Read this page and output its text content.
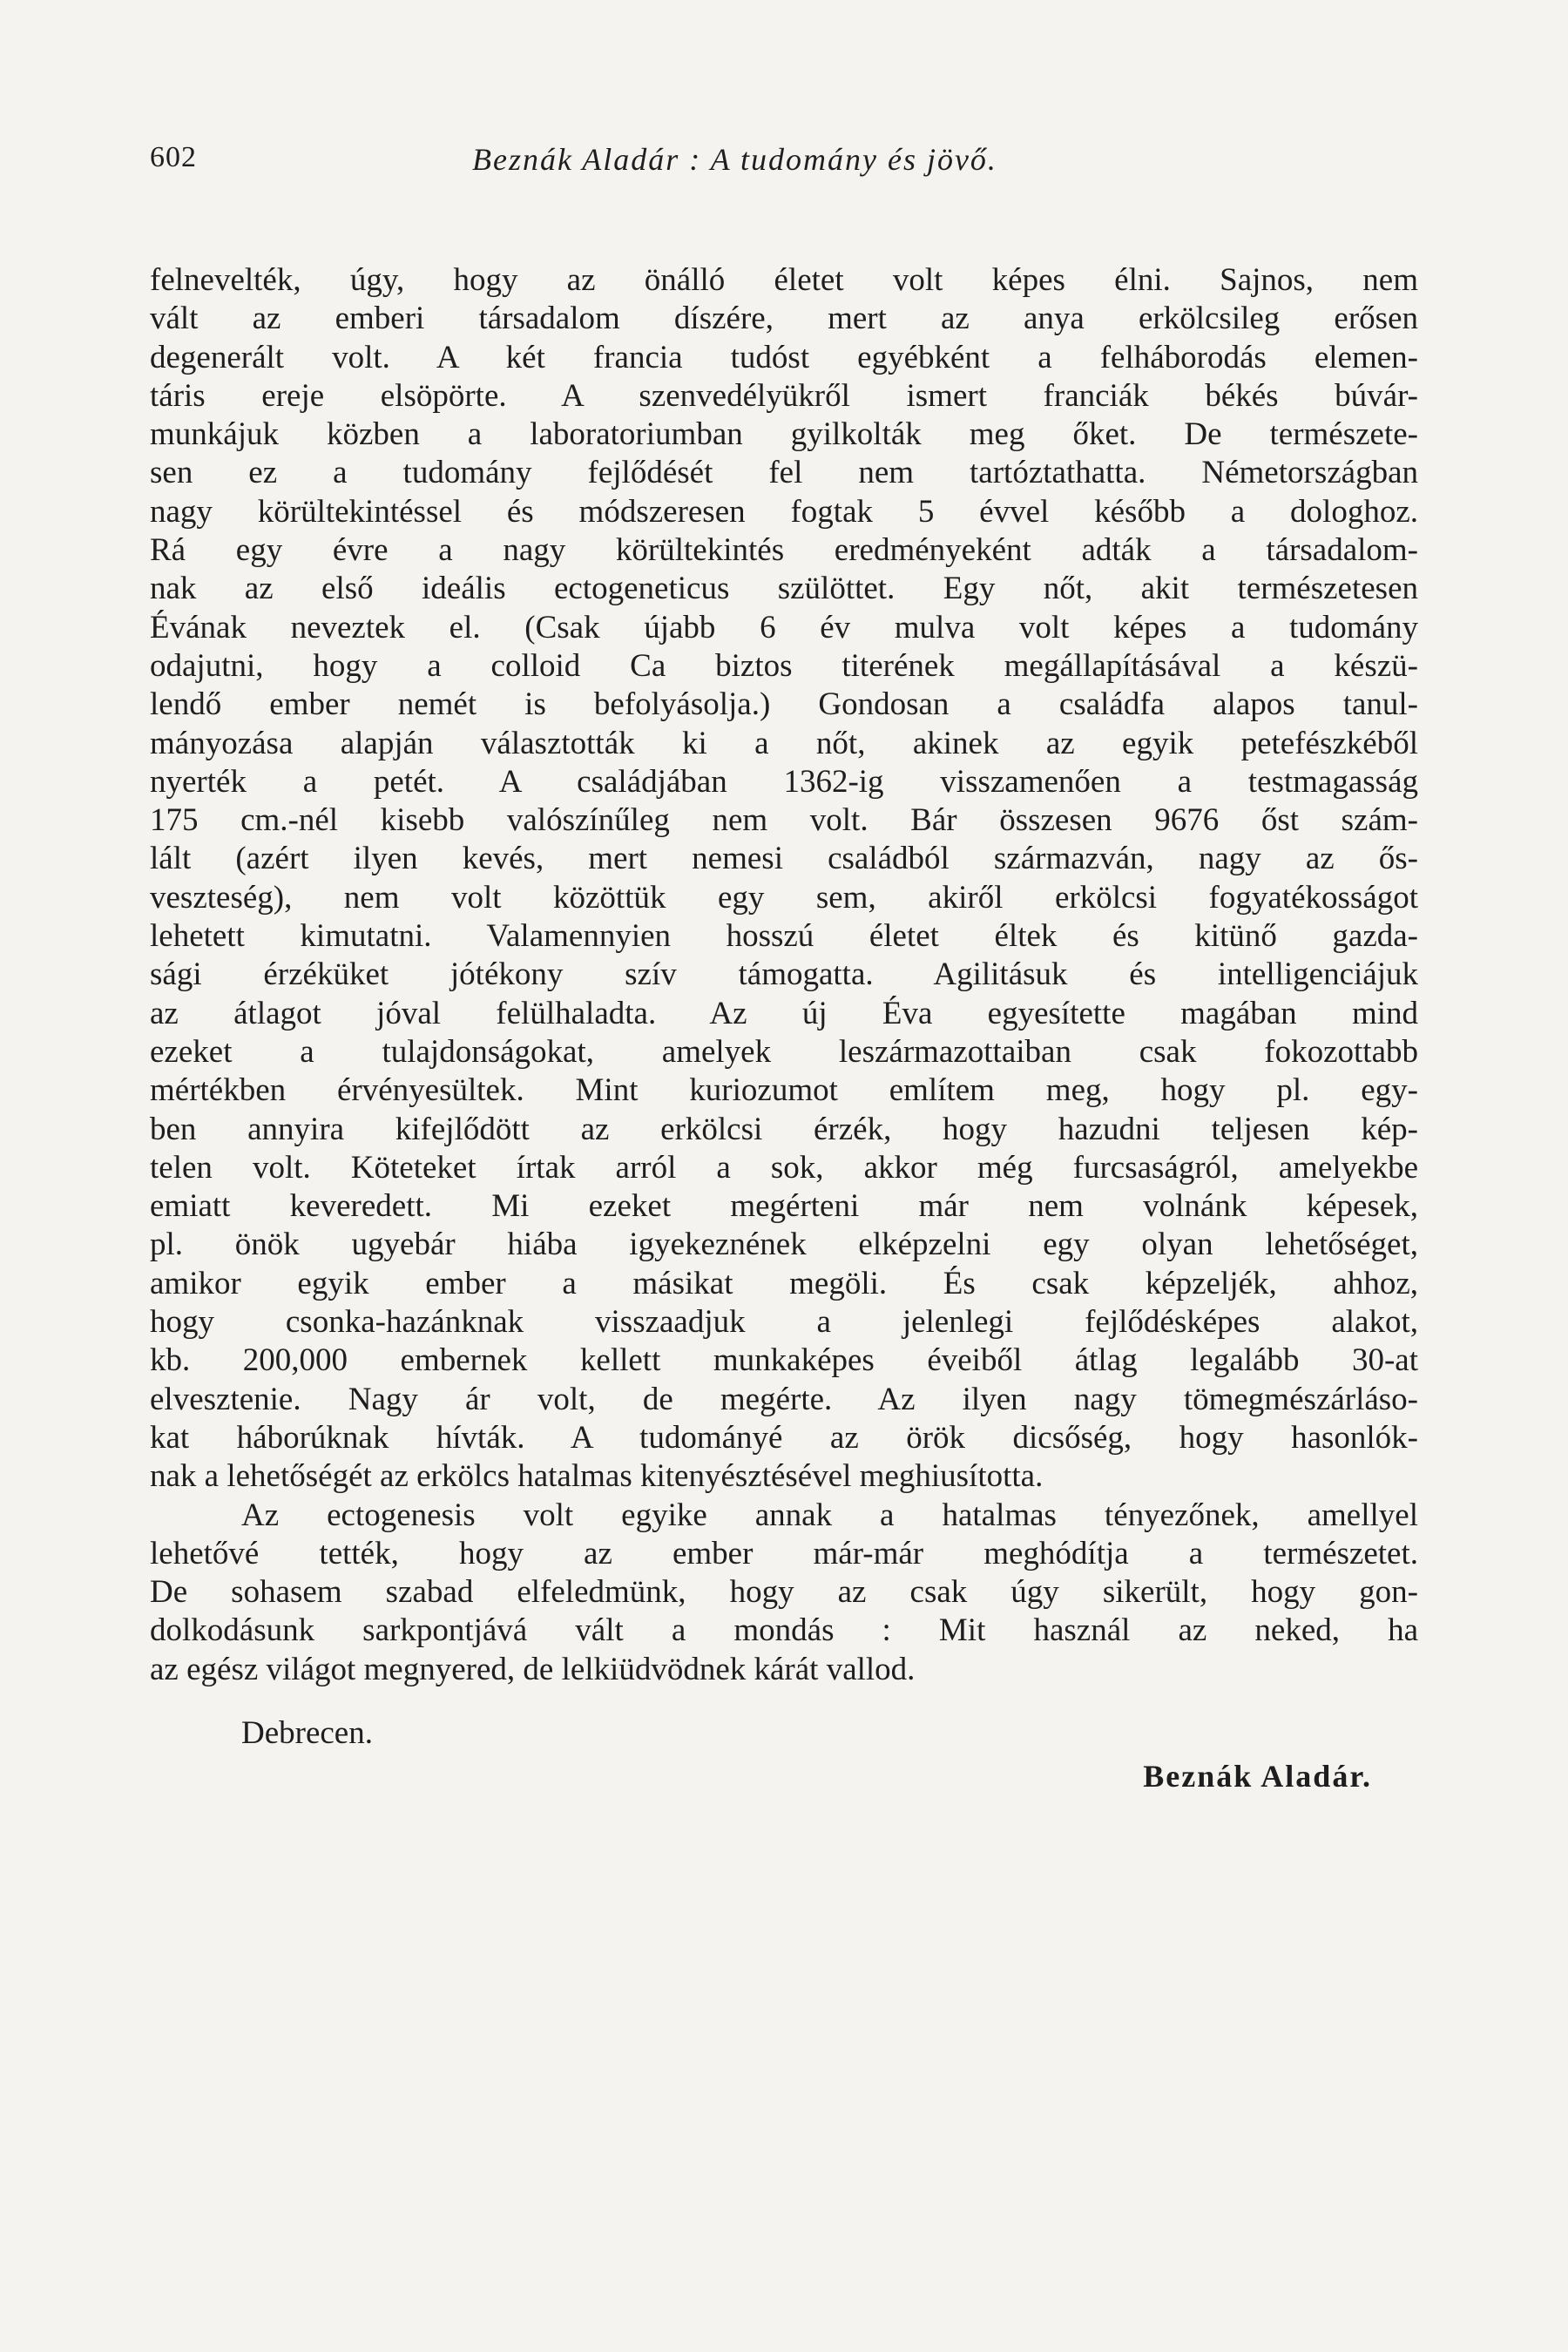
602	Beznák Aladár : A tudomány és jövő.
felnevelték, úgy, hogy az önálló életet volt képes élni. Sajnos, nem
vált az emberi társadalom díszére, mert az anya erkölcsileg erősen
degenerált volt. A két francia tudóst egyébként a felháborodás elemen-
táris ereje elsöpörte. A szenvedélyükről ismert franciák békés búvár-
munkájuk közben a laboratoriumban gyilkolták meg őket. De természete-
sen ez a tudomány fejlődését fel nem tartóztathatta. Németországban
nagy körültekintéssel és módszeresen fogtak 5 évvel később a dologhoz.
Rá egy évre a nagy körültekintés eredményeként adták a társadalom-
nak az első ideális ectogeneticus szülöttet. Egy nőt, akit természetesen
Évának neveztek el. (Csak újabb 6 év mulva volt képes a tudomány
odajutni, hogy a colloid Ca biztos titerének megállapításával a készü-
lendő ember nemét is befolyásolja.) Gondosan a családfa alapos tanul-
mányozása alapján választották ki a nőt, akinek az egyik petefészkéből
nyerték a petét. A családjában 1362-ig visszamenően a testmagasság
175 cm.-nél kisebb valószínűleg nem volt. Bár összesen 9676 őst szám-
lált (azért ilyen kevés, mert nemesi családból származván, nagy az ős-
veszteség), nem volt közöttük egy sem, akiről erkölcsi fogyatékosságot
lehetett kimutatni. Valamennyien hosszú életet éltek és kitünő gazda-
sági érzéküket jótékony szív támogatta. Agilitásuk és intelligenciájuk
az átlagot jóval felülhaladta. Az új Éva egyesítette magában mind
ezeket a tulajdonságokat, amelyek leszármazottaiban csak fokozottabb
mértékben érvényesültek. Mint kuriozumot említem meg, hogy pl. egy-
ben annyira kifejlődött az erkölcsi érzék, hogy hazudni teljesen kép-
telen volt. Köteteket írtak arról a sok, akkor még furcsaságról, amelyekbe
emiatt keveredett. Mi ezeket megérteni már nem volnánk képesek,
pl. önök ugyebár hiába igyekeznének elképzelni egy olyan lehetőséget,
amikor egyik ember a másikat megöli. És csak képzeljék, ahhoz,
hogy csonka-hazánknak visszaadjuk a jelenlegi fejlődésképes alakot,
kb. 200,000 embernek kellett munkaképes éveiből átlag legalább 30-at
elvesztenie. Nagy ár volt, de megérte. Az ilyen nagy tömegmészárláso-
kat háborúknak hívták. A tudományé az örök dicsőség, hogy hasonlók-
nak a lehetőségét az erkölcs hatalmas kitenyésztésével meghiusította.
Az ectogenesis volt egyike annak a hatalmas tényezőnek, amellyel
lehetővé tették, hogy az ember már-már meghódítja a természetet.
De sohasem szabad elfeledmünk, hogy az csak úgy sikerült, hogy gon-
dolkodásunk sarkpontjává vált a mondás : Mit használ az neked, ha
az egész világot megnyered, de lelkiüdvödnek kárát vallod.
Debrecen.
Beznák Aladár.
